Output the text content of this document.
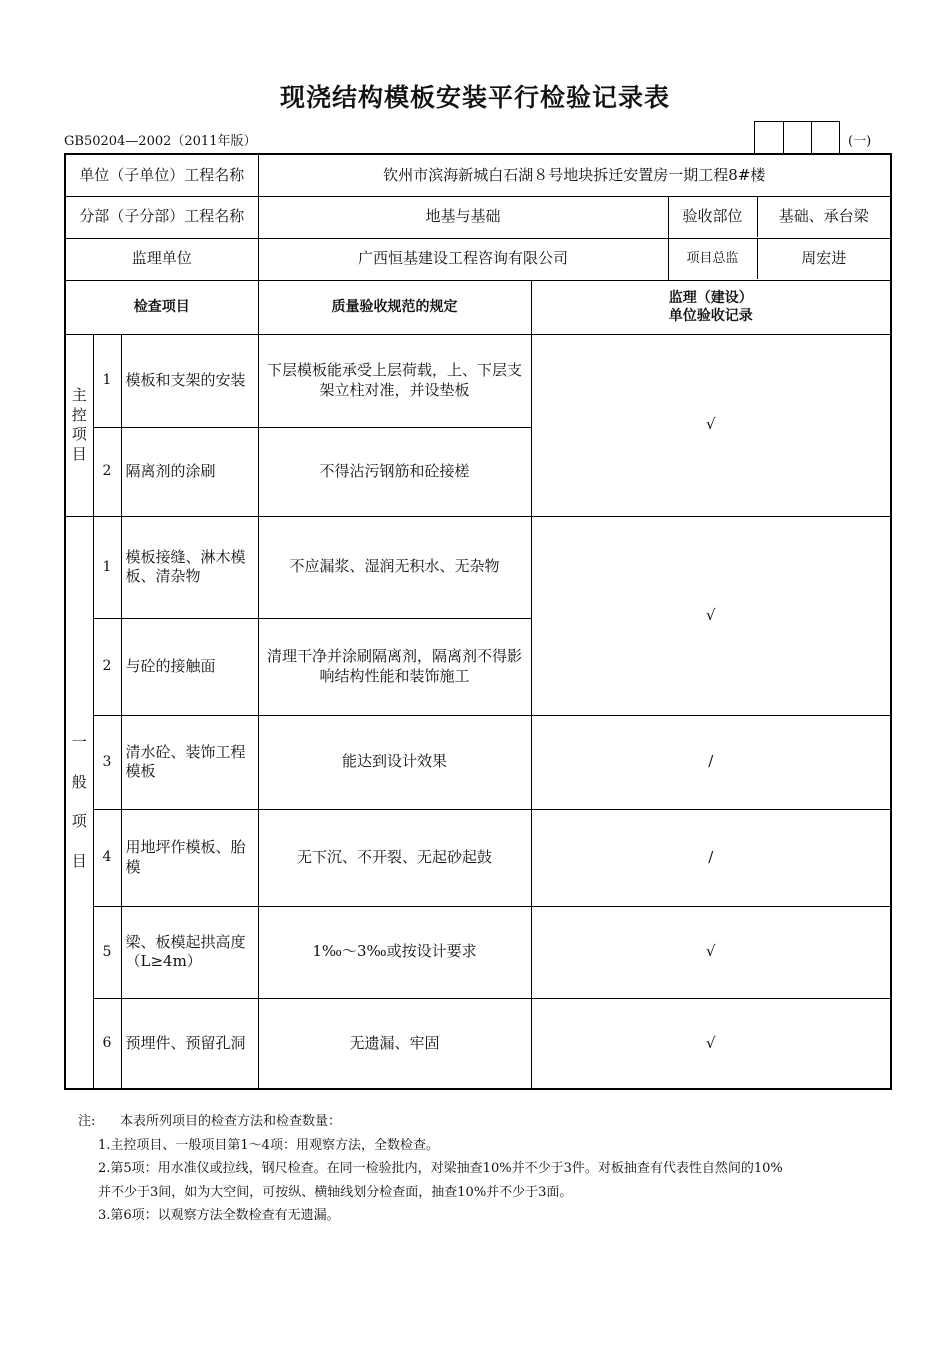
现浇结构模板安装平行检验记录表
GB50204—2002（2011年版）	(一)
单位（子单位）工程名称			钦州市滨海新城白石湖８号地块拆迁安置房一期工程8#楼		
分部（子分部）工程名称			地基与基础		验收部位 基础、承台梁

监理单位			广西恒基建设工程咨询有限公司		项目总监 周宏进

检查项目			质量验收规范的规定	监理（建设）
单位验收记录	

主
控
项
目	1	模板和支架的安装	下层模板能承受上层荷载，上、下层支架立柱对准，并设垫板	√	
	2	隔离剂的涂刷	不得沾污钢筋和砼接槎		

一
般
项
目	1	模板接缝、淋木模板、清杂物	不应漏浆、湿润无积水、无杂物	√	
	2	与砼的接触面	清理干净并涂刷隔离剂，隔离剂不得影响结构性能和装饰施工		
	3	清水砼、装饰工程模板	能达到设计效果	/	
	4	用地坪作模板、胎模	无下沉、不开裂、无起砂起鼓	/	
	5	梁、板模起拱高度（L≥4m）	1‰～3‰或按设计要求	√	
	6	预埋件、预留孔洞	无遗漏、牢固	√	
注: 本表所列项目的检查方法和检查数量：
1.主控项目、一般项目第1～4项：用观察方法，全数检查。
2.第5项：用水准仪或拉线，钢尺检查。在同一检验批内，对梁抽查10%并不少于3件。对板抽查有代表性自然间的10%
并不少于3间，如为大空间，可按纵、横轴线划分检查面，抽查10%并不少于3面。
3.第6项：以观察方法全数检查有无遗漏。
